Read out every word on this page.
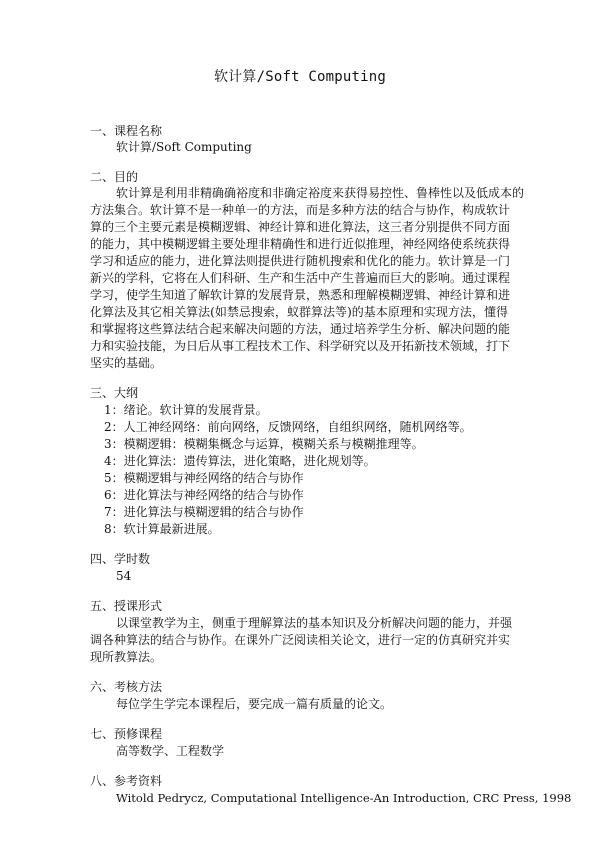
软计算/Soft Computing
一、课程名称
软计算/Soft Computing
二、目的
软计算是利用非精确确裕度和非确定裕度来获得易控性、鲁棒性以及低成本的
方法集合。软计算不是一种单一的方法，而是多种方法的结合与协作，构成软计
算的三个主要元素是模糊逻辑、神经计算和进化算法，这三者分别提供不同方面
的能力，其中模糊逻辑主要处理非精确性和进行近似推理，神经网络使系统获得
学习和适应的能力，进化算法则提供进行随机搜索和优化的能力。软计算是一门
新兴的学科，它将在人们科研、生产和生活中产生普遍而巨大的影响。通过课程
学习，使学生知道了解软计算的发展背景，熟悉和理解模糊逻辑、神经计算和进
化算法及其它相关算法(如禁忌搜索，蚁群算法等)的基本原理和实现方法，懂得
和掌握将这些算法结合起来解决问题的方法，通过培养学生分析、解决问题的能
力和实验技能，为日后从事工程技术工作、科学研究以及开拓新技术领域，打下
坚实的基础。
三、大纲
1：绪论。软计算的发展背景。
2：人工神经网络：前向网络，反馈网络，自组织网络，随机网络等。
3：模糊逻辑：模糊集概念与运算，模糊关系与模糊推理等。
4：进化算法：遗传算法，进化策略，进化规划等。
5：模糊逻辑与神经网络的结合与协作
6：进化算法与神经网络的结合与协作
7：进化算法与模糊逻辑的结合与协作
8：软计算最新进展。
四、学时数
54
五、授课形式
以课堂教学为主，侧重于理解算法的基本知识及分析解决问题的能力，并强
调各种算法的结合与协作。在课外广泛阅读相关论文，进行一定的仿真研究并实
现所教算法。
六、考核方法
每位学生学完本课程后，要完成一篇有质量的论文。
七、预修课程
高等数学、工程数学
八、参考资料
Witold Pedrycz, Computational Intelligence-An Introduction, CRC Press, 1998
